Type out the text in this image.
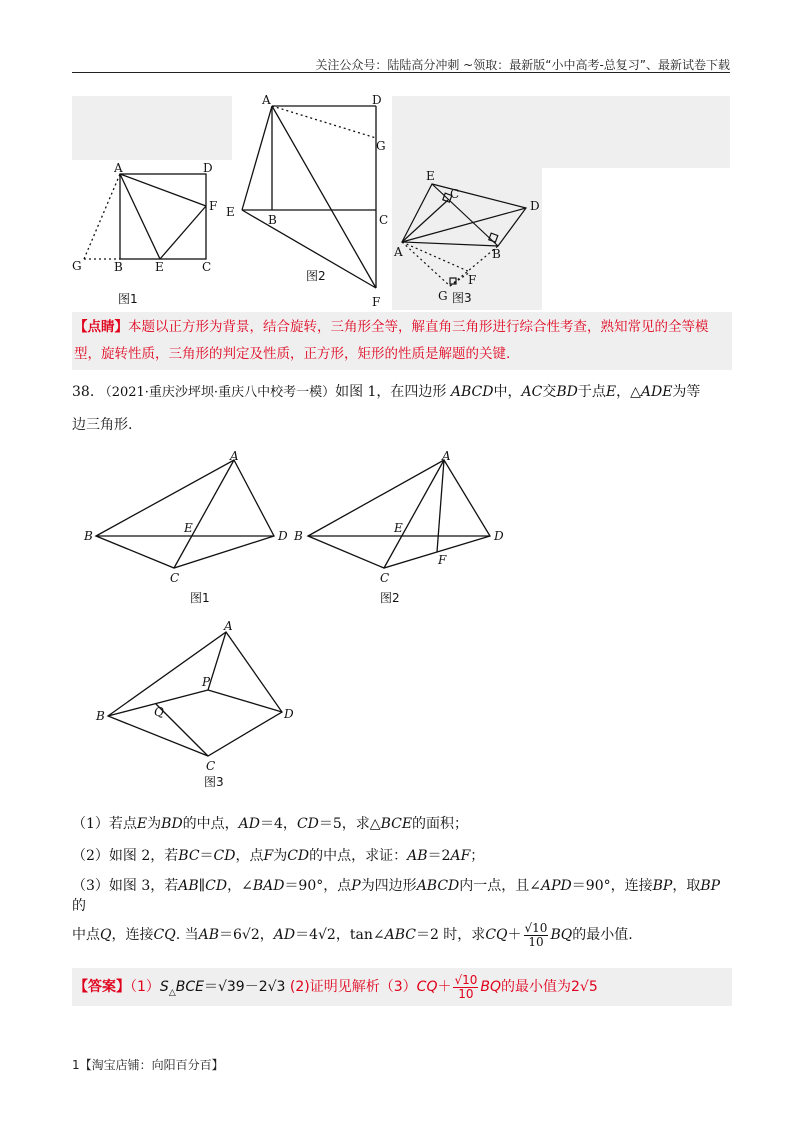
关注公众号：陆陆高分冲刺 ~领取：最新版“小中高考-总复习”、最新试卷下载
A	D
F
G	B	E	C
图1
A	D
G
E
B	C
F
图2
E
C
D
A	B
F
G 图3
【点睛】本题以正方形为背景，结合旋转，三角形全等，解直角三角形进行综合性考查，熟知常见的全等模型，旋转性质，三角形的判定及性质，正方形，矩形的性质是解题的关键.
38. （2021·重庆沙坪坝·重庆八中校考一模）如图 1，在四边形 ABCD中，AC交BD于点E，△ADE为等
边三角形.
A
B
E
D
C
图1
A
B
E
D
F
C
图2
A
P
B	Q	D
C
图3
（1）若点E为BD的中点，AD＝4，CD＝5，求△BCE的面积；
（2）如图 2，若BC＝CD，点F为CD的中点，求证：AB＝2AF；
（3）如图 3，若AB∥CD，∠BAD＝90°，点P为四边形ABCD内一点，且∠APD＝90°，连接BP，取BP的
中点Q，连接CQ. 当AB＝6√2，AD＝4√2，tan∠ABC＝2 时，求$CQ+ \frac{√10}{10}$ BQ的最小值.
【答案】$(1)S_\triangle BCE=√39-2√3$ (2)证明见解析$(3)CQ+ \frac{√10}{10}$ BQ的最小值为2√5
1【淘宝店铺：向阳百分百】
